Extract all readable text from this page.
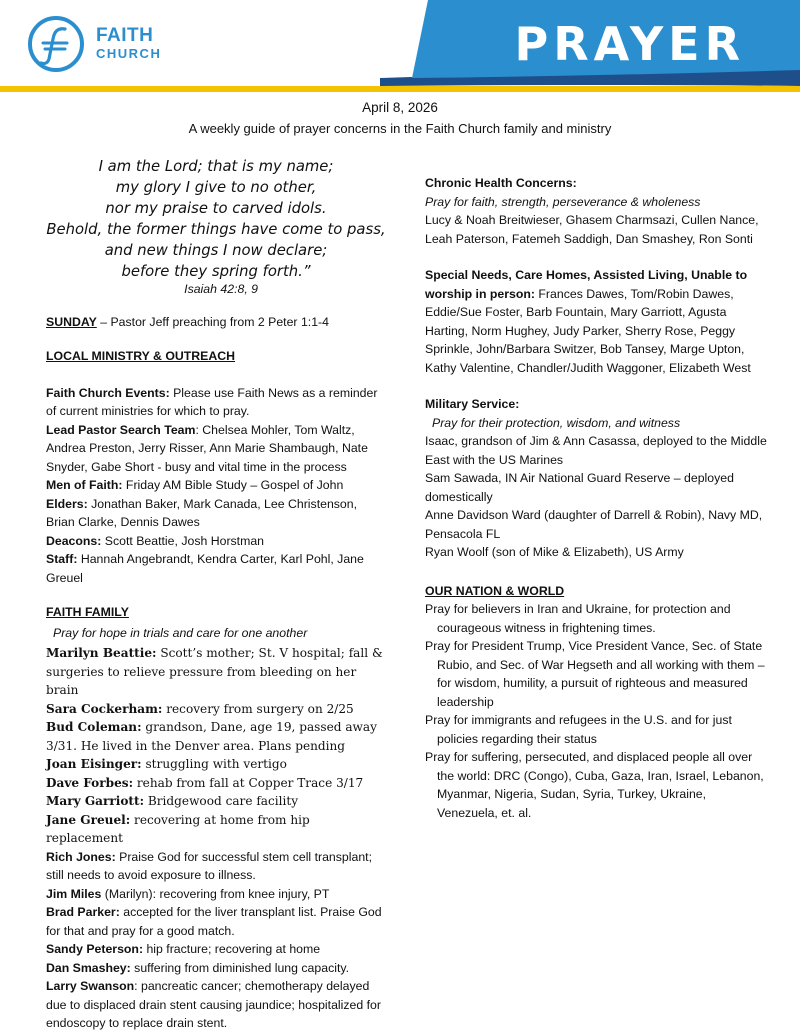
PRAYER
FAITH
CHURCH
April 8, 2026
A weekly guide of prayer concerns in the Faith Church family and ministry
I am the Lord; that is my name;
my glory I give to no other,
nor my praise to carved idols.
Behold, the former things have come to pass,
and new things I now declare;
before they spring forth.”
Isaiah 42:8, 9

SUNDAY – Pastor Jeff preaching from 2 Peter 1:1-4

LOCAL MINISTRY & OUTREACH

Faith Church Events: Please use Faith News as a reminder of current ministries for which to pray.

Lead Pastor Search Team: Chelsea Mohler, Tom Waltz, Andrea Preston, Jerry Risser, Ann Marie Shambaugh, Nate Snyder, Gabe Short - busy and vital time in the process

Men of Faith: Friday AM Bible Study – Gospel of John

Elders: Jonathan Baker, Mark Canada, Lee Christenson, Brian Clarke, Dennis Dawes

Deacons: Scott Beattie, Josh Horstman

Staff: Hannah Angebrandt, Kendra Carter, Karl Pohl, Jane Greuel

FAITH FAMILY

Pray for hope in trials and care for one another

Marilyn Beattie: Scott’s mother; St. V hospital; fall & surgeries to relieve pressure from bleeding on her brain

Sara Cockerham: recovery from surgery on 2/25

Bud Coleman: grandson, Dane, age 19, passed away 3/31. He lived in the Denver area. Plans pending

Joan Eisinger: struggling with vertigo

Dave Forbes: rehab from fall at Copper Trace 3/17

Mary Garriott: Bridgewood care facility

Jane Greuel: recovering at home from hip replacement

Rich Jones: Praise God for successful stem cell transplant; still needs to avoid exposure to illness.

Jim Miles (Marilyn): recovering from knee injury, PT

Brad Parker: accepted for the liver transplant list. Praise God for that and pray for a good match.

Sandy Peterson: hip fracture; recovering at home

Dan Smashey: suffering from diminished lung capacity.

Larry Swanson: pancreatic cancer; chemotherapy delayed due to displaced drain stent causing jaundice; hospitalized for endoscopy to replace drain stent.

Chronic Health Concerns:

Pray for faith, strength, perseverance & wholeness

Lucy & Noah Breitwieser, Ghasem Charmsazi, Cullen Nance, Leah Paterson, Fatemeh Saddigh, Dan Smashey, Ron Sonti

Special Needs, Care Homes, Assisted Living, Unable to worship in person: Frances Dawes, Tom/Robin Dawes, Eddie/Sue Foster, Barb Fountain, Mary Garriott, Agusta Harting, Norm Hughey, Judy Parker, Sherry Rose, Peggy Sprinkle, John/Barbara Switzer, Bob Tansey, Marge Upton, Kathy Valentine, Chandler/Judith Waggoner, Elizabeth West

Military Service:

Pray for their protection, wisdom, and witness

Isaac, grandson of Jim & Ann Casassa, deployed to the Middle East with the US Marines

Sam Sawada, IN Air National Guard Reserve – deployed domestically

Anne Davidson Ward (daughter of Darrell & Robin), Navy MD, Pensacola FL

Ryan Woolf (son of Mike & Elizabeth), US Army

OUR NATION & WORLD

Pray for believers in Iran and Ukraine, for protection and courageous witness in frightening times.

Pray for President Trump, Vice President Vance, Sec. of State Rubio, and Sec. of War Hegseth and all working with them – for wisdom, humility, a pursuit of righteous and measured leadership

Pray for immigrants and refugees in the U.S. and for just policies regarding their status

Pray for suffering, persecuted, and displaced people all over the world: DRC (Congo), Cuba, Gaza, Iran, Israel, Lebanon, Myanmar, Nigeria, Sudan, Syria, Turkey, Ukraine, Venezuela, et. al.
